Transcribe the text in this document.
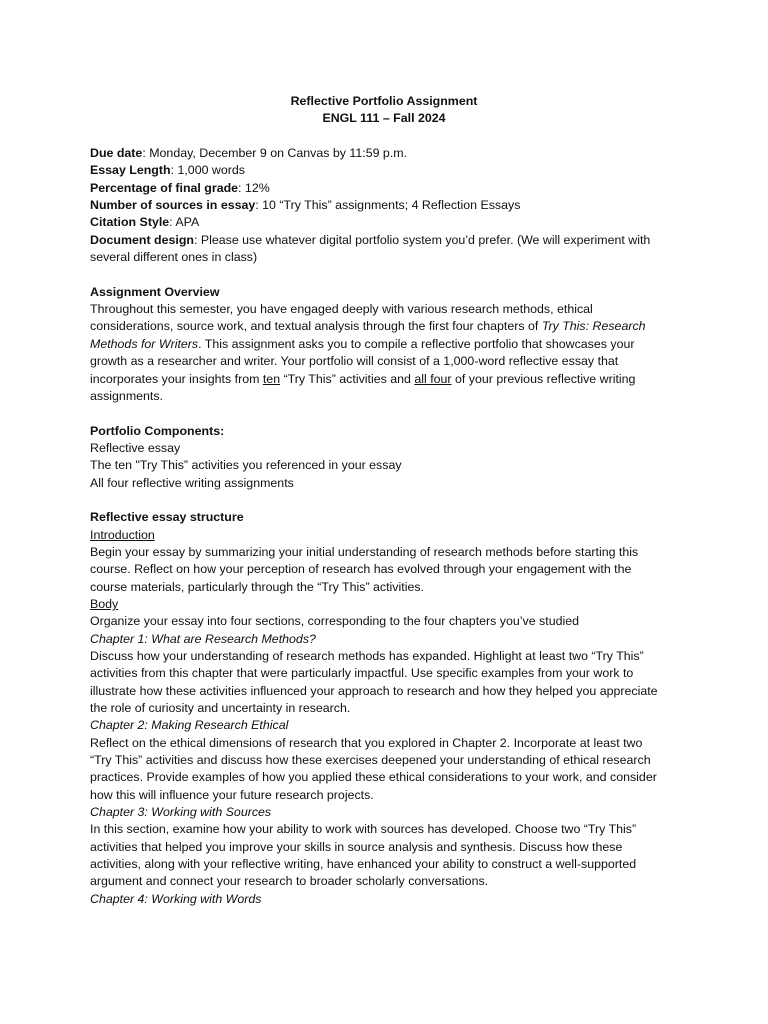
Reflective Portfolio Assignment
ENGL 111 – Fall 2024
Due date: Monday, December 9 on Canvas by 11:59 p.m.
Essay Length: 1,000 words
Percentage of final grade: 12%
Number of sources in essay: 10 “Try This” assignments; 4 Reflection Essays
Citation Style: APA
Document design: Please use whatever digital portfolio system you’d prefer. (We will experiment with
several different ones in class)
Assignment Overview
Throughout this semester, you have engaged deeply with various research methods, ethical
considerations, source work, and textual analysis through the first four chapters of Try This: Research
Methods for Writers. This assignment asks you to compile a reflective portfolio that showcases your
growth as a researcher and writer. Your portfolio will consist of a 1,000-word reflective essay that
incorporates your insights from ten “Try This” activities and all four of your previous reflective writing
assignments.
Portfolio Components:
Reflective essay
The ten "Try This” activities you referenced in your essay
All four reflective writing assignments
Reflective essay structure
Introduction
Begin your essay by summarizing your initial understanding of research methods before starting this
course. Reflect on how your perception of research has evolved through your engagement with the
course materials, particularly through the “Try This” activities.
Body
Organize your essay into four sections, corresponding to the four chapters you’ve studied
Chapter 1: What are Research Methods?
Discuss how your understanding of research methods has expanded. Highlight at least two “Try This”
activities from this chapter that were particularly impactful. Use specific examples from your work to
illustrate how these activities influenced your approach to research and how they helped you appreciate
the role of curiosity and uncertainty in research.
Chapter 2: Making Research Ethical
Reflect on the ethical dimensions of research that you explored in Chapter 2. Incorporate at least two
“Try This” activities and discuss how these exercises deepened your understanding of ethical research
practices. Provide examples of how you applied these ethical considerations to your work, and consider
how this will influence your future research projects.
Chapter 3: Working with Sources
In this section, examine how your ability to work with sources has developed. Choose two “Try This”
activities that helped you improve your skills in source analysis and synthesis. Discuss how these
activities, along with your reflective writing, have enhanced your ability to construct a well-supported
argument and connect your research to broader scholarly conversations.
Chapter 4: Working with Words
